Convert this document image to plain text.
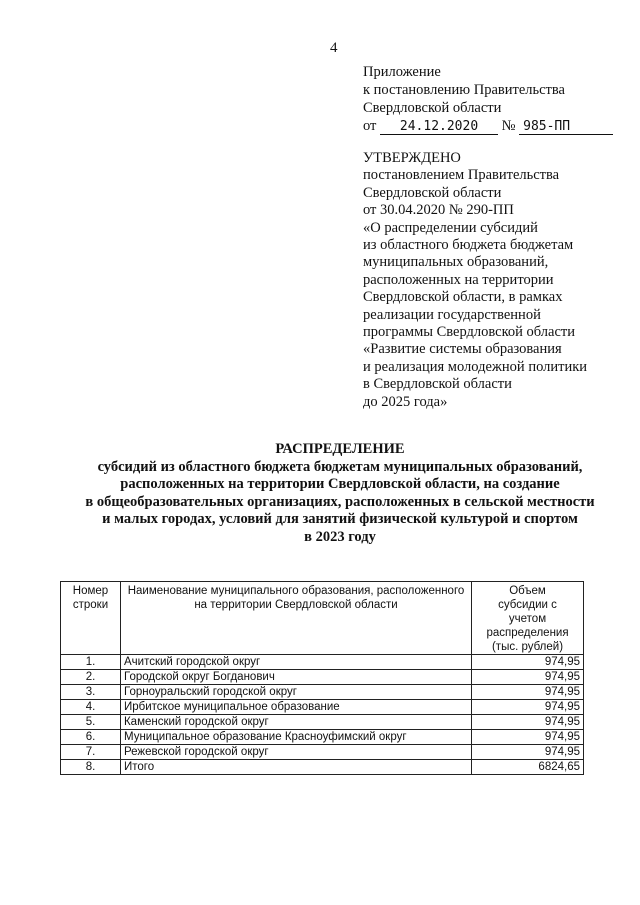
4
Приложение
к постановлению Правительства
Свердловской области
от 24.12.2020 № 985-ПП
УТВЕРЖДЕНО
постановлением Правительства
Свердловской области
от 30.04.2020 № 290-ПП
«О распределении субсидий
из областного бюджета бюджетам
муниципальных образований,
расположенных на территории
Свердловской области, в рамках
реализации государственной
программы Свердловской области
«Развитие системы образования
и реализация молодежной политики
в Свердловской области
до 2025 года»
РАСПРЕДЕЛЕНИЕ
субсидий из областного бюджета бюджетам муниципальных образований,
расположенных на территории Свердловской области, на создание
в общеобразовательных организациях, расположенных в сельской местности
и малых городах, условий для занятий физической культурой и спортом
в 2023 году
Номер строки	Наименование муниципального образования, расположенного на территории Свердловской области	Объем субсидии с учетом распределения (тыс. рублей)
1.	Ачитский городской округ	974,95
2.	Городской округ Богданович	974,95
3.	Горноуральский городской округ	974,95
4.	Ирбитское муниципальное образование	974,95
5.	Каменский городской округ	974,95
6.	Муниципальное образование Красноуфимский округ	974,95
7.	Режевской городской округ	974,95
8.	Итого	6824,65
